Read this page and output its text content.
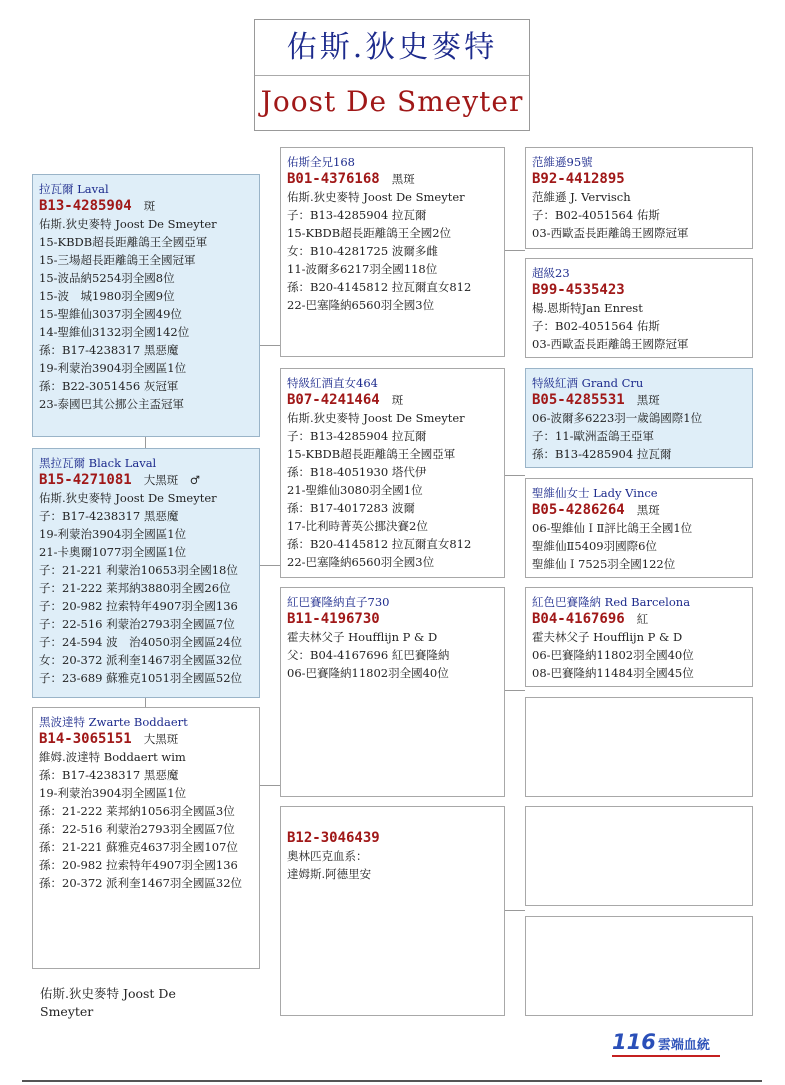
佑斯.狄史麥特
Joost De Smeyter
拉瓦爾 Laval
B13-4285904 斑
佑斯.狄史麥特 Joost De Smeyter
15-KBDB超長距離鴿王全國亞軍
15-三場超長距離鴿王全國冠軍
15-波品納5254羽全國8位
15-波　城1980羽全國9位
15-聖維仙3037羽全國49位
14-聖維仙3132羽全國142位
孫：B17-4238317 黑惡魔
19-利蒙治3904羽全國區1位
孫：B22-3051456 灰冠軍
23-泰國巴其公挪公主盃冠軍
黑拉瓦爾 Black Laval
B15-4271081 大黑斑　♂
佑斯.狄史麥特 Joost De Smeyter
子：B17-4238317 黑惡魔
19-利蒙治3904羽全國區1位
21-卡奧爾1077羽全國區1位
子：21-221 利蒙治10653羽全國18位
子：21-222 莱邦納3880羽全國26位
子：20-982 拉索特年4907羽全國136
子：22-516 利蒙治2793羽全國區7位
子：24-594 波　治4050羽全國區24位
女：20-372 派利奎1467羽全國區32位
子：23-689 蘇雅克1051羽全國區52位
黑波達特 Zwarte Boddaert
B14-3065151 大黑斑
維姆.波達特 Boddaert wim
孫：B17-4238317 黑惡魔
19-利蒙治3904羽全國區1位
孫：21-222 莱邦納1056羽全國區3位
孫：22-516 利蒙治2793羽全國區7位
孫：21-221 蘇雅克4637羽全國107位
孫：20-982 拉索特年4907羽全國136
孫：20-372 派利奎1467羽全國區32位
佑斯全兄168
B01-4376168 黑斑
佑斯.狄史麥特 Joost De Smeyter
子：B13-4285904 拉瓦爾
15-KBDB超長距離鴿王全國2位
女：B10-4281725 波爾多雌
11-波爾多6217羽全國118位
孫：B20-4145812 拉瓦爾直女812
22-巴塞隆納6560羽全國3位
特級紅酒直女464
B07-4241464 斑
佑斯.狄史麥特 Joost De Smeyter
子：B13-4285904 拉瓦爾
15-KBDB超長距離鴿王全國亞軍
孫：B18-4051930 塔代伊
21-聖維仙3080羽全國1位
孫：B17-4017283 波爾
17-比利時菁英公挪決賽2位
孫：B20-4145812 拉瓦爾直女812
22-巴塞隆納6560羽全國3位
紅巴賽隆納直子730
B11-4196730
霍夫林父子 Houfflijn P & D
父：B04-4167696 紅巴賽隆納
06-巴賽隆納11802羽全國40位
B12-3046439
奧林匹克血系：
達姆斯.阿德里安
范維遜95號
B92-4412895
范維遜 J. Vervisch
子：B02-4051564 佑斯
03-西歐盃長距離鴿王國際冠軍
超級23
B99-4535423
楊.恩斯特Jan Enrest
子：B02-4051564 佑斯
03-西歐盃長距離鴿王國際冠軍
特級紅酒 Grand Cru
B05-4285531 黑斑
06-波爾多6223羽一歲鴿國際1位
子：11-歐洲盃鴿王亞軍
孫：B13-4285904 拉瓦爾
聖維仙女士 Lady Vince
B05-4286264 黑斑
06-聖維仙ＩⅡ評比鴿王全國1位
聖維仙Ⅱ5409羽國際6位
聖維仙Ｉ7525羽全國122位
紅色巴賽隆納 Red Barcelona
B04-4167696 紅
霍夫林父子 Houfflijn P & D
06-巴賽隆納11802羽全國40位
08-巴賽隆納11484羽全國45位
佑斯.狄史麥特 Joost De
Smeyter
116 雲端血統
